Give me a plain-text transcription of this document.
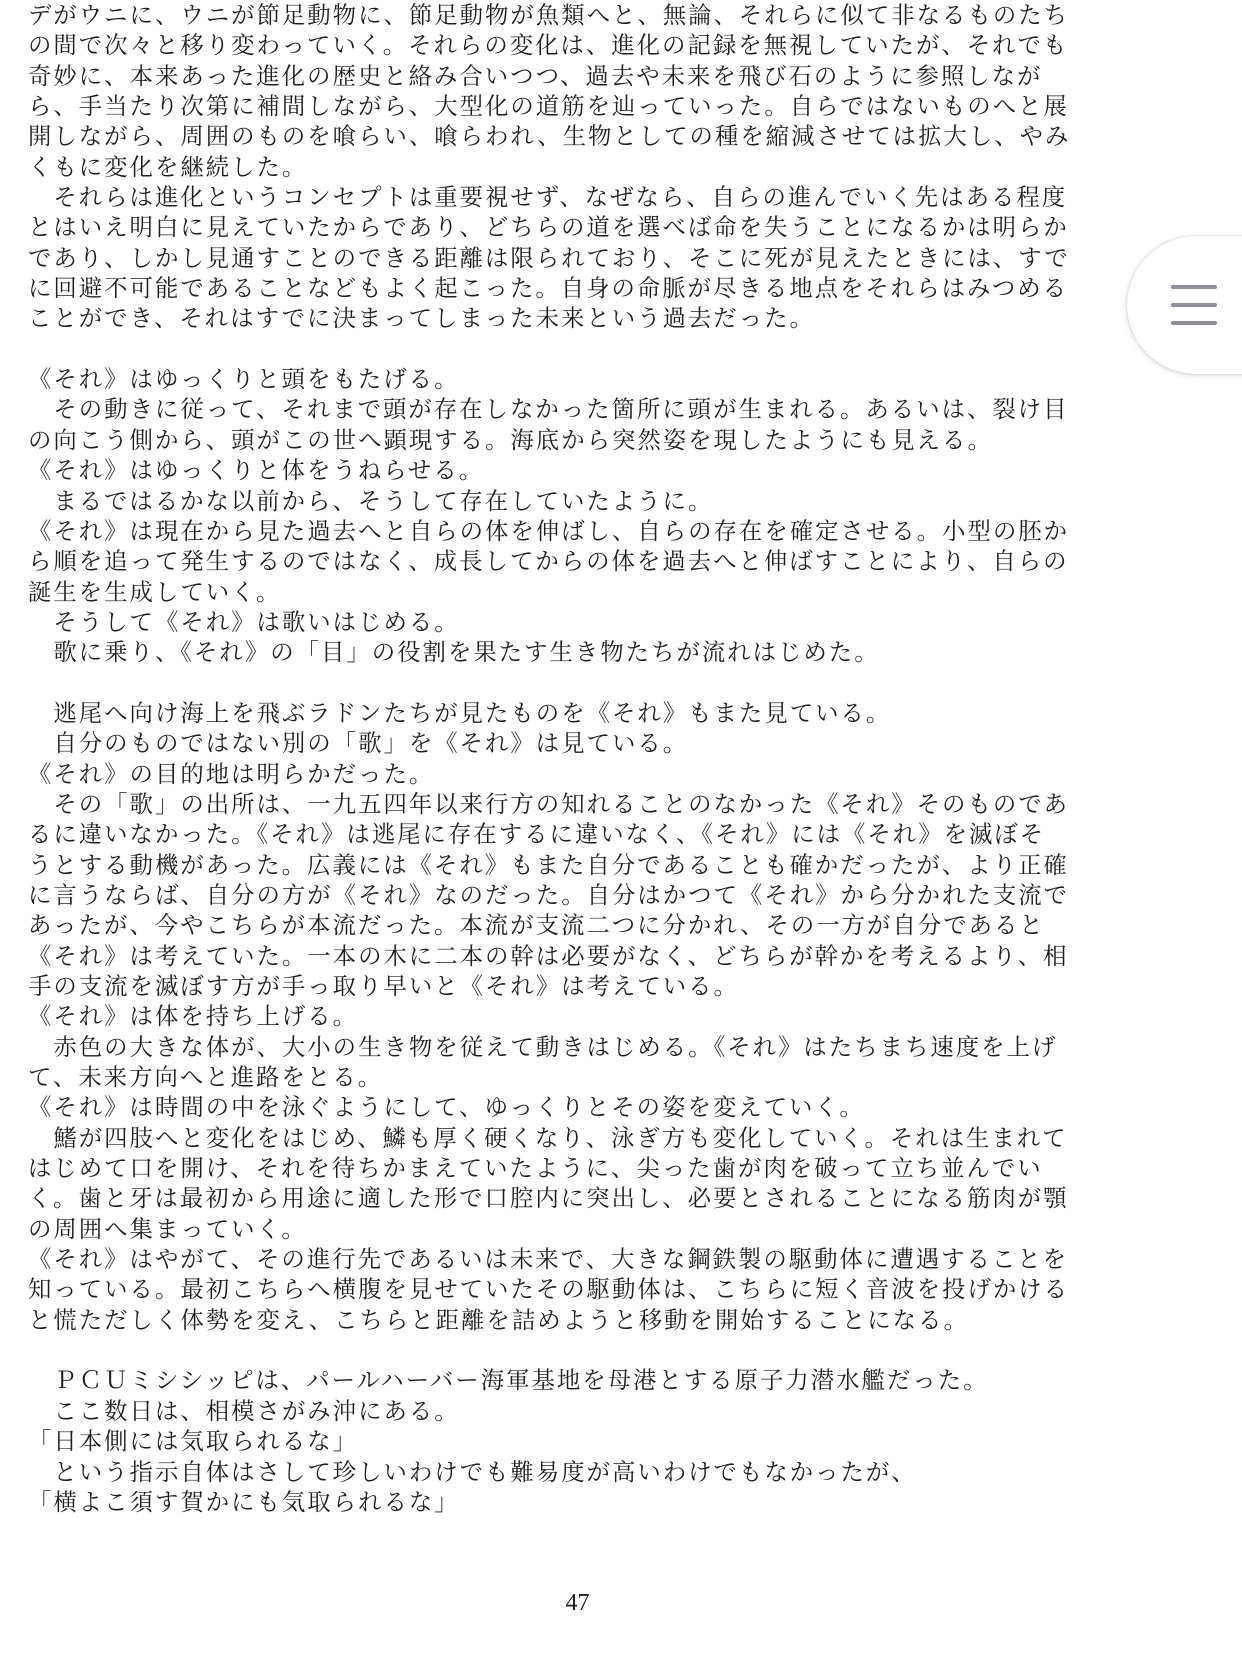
デがウニに、ウニが節足動物に、節足動物が魚類へと、無論、それらに似て非なるものたち
の間で次々と移り変わっていく。それらの変化は、進化の記録を無視していたが、それでも
奇妙に、本来あった進化の歴史と絡み合いつつ、過去や未来を飛び石のように参照しなが
ら、手当たり次第に補間しながら、大型化の道筋を辿っていった。自らではないものへと展
開しながら、周囲のものを喰らい、喰らわれ、生物としての種を縮減させては拡大し、やみ
くもに変化を継続した。
　それらは進化というコンセプトは重要視せず、なぜなら、自らの進んでいく先はある程度
とはいえ明白に見えていたからであり、どちらの道を選べば命を失うことになるかは明らか
であり、しかし見通すことのできる距離は限られており、そこに死が見えたときには、すで
に回避不可能であることなどもよく起こった。自身の命脈が尽きる地点をそれらはみつめる
ことができ、それはすでに決まってしまった未来という過去だった。
《それ》はゆっくりと頭をもたげる。
　その動きに従って、それまで頭が存在しなかった箇所に頭が生まれる。あるいは、裂け目
の向こう側から、頭がこの世へ顕現する。海底から突然姿を現したようにも見える。
《それ》はゆっくりと体をうねらせる。
　まるではるかな以前から、そうして存在していたように。
《それ》は現在から見た過去へと自らの体を伸ばし、自らの存在を確定させる。小型の胚か
ら順を追って発生するのではなく、成長してからの体を過去へと伸ばすことにより、自らの
誕生を生成していく。
　そうして《それ》は歌いはじめる。
　歌に乗り、《それ》の「目」の役割を果たす生き物たちが流れはじめた。
　逃尾へ向け海上を飛ぶラドンたちが見たものを《それ》もまた見ている。
　自分のものではない別の「歌」を《それ》は見ている。
《それ》の目的地は明らかだった。
　その「歌」の出所は、一九五四年以来行方の知れることのなかった《それ》そのものであ
るに違いなかった。《それ》は逃尾に存在するに違いなく、《それ》には《それ》を滅ぼそ
うとする動機があった。広義には《それ》もまた自分であることも確かだったが、より正確
に言うならば、自分の方が《それ》なのだった。自分はかつて《それ》から分かれた支流で
あったが、今やこちらが本流だった。本流が支流二つに分かれ、その一方が自分であると
《それ》は考えていた。一本の木に二本の幹は必要がなく、どちらが幹かを考えるより、相
手の支流を滅ぼす方が手っ取り早いと《それ》は考えている。
《それ》は体を持ち上げる。
　赤色の大きな体が、大小の生き物を従えて動きはじめる。《それ》はたちまち速度を上げ
て、未来方向へと進路をとる。
《それ》は時間の中を泳ぐようにして、ゆっくりとその姿を変えていく。
　鰭が四肢へと変化をはじめ、鱗も厚く硬くなり、泳ぎ方も変化していく。それは生まれて
はじめて口を開け、それを待ちかまえていたように、尖った歯が肉を破って立ち並んでい
く。歯と牙は最初から用途に適した形で口腔内に突出し、必要とされることになる筋肉が顎
の周囲へ集まっていく。
《それ》はやがて、その進行先であるいは未来で、大きな鋼鉄製の駆動体に遭遇することを
知っている。最初こちらへ横腹を見せていたその駆動体は、こちらに短く音波を投げかける
と慌ただしく体勢を変え、こちらと距離を詰めようと移動を開始することになる。
　ＰＣＵミシシッピは、パールハーバー海軍基地を母港とする原子力潜水艦だった。
　ここ数日は、相模さがみ沖にある。
「日本側には気取られるな」
　という指示自体はさして珍しいわけでも難易度が高いわけでもなかったが、
「横よこ須す賀かにも気取られるな」
47
